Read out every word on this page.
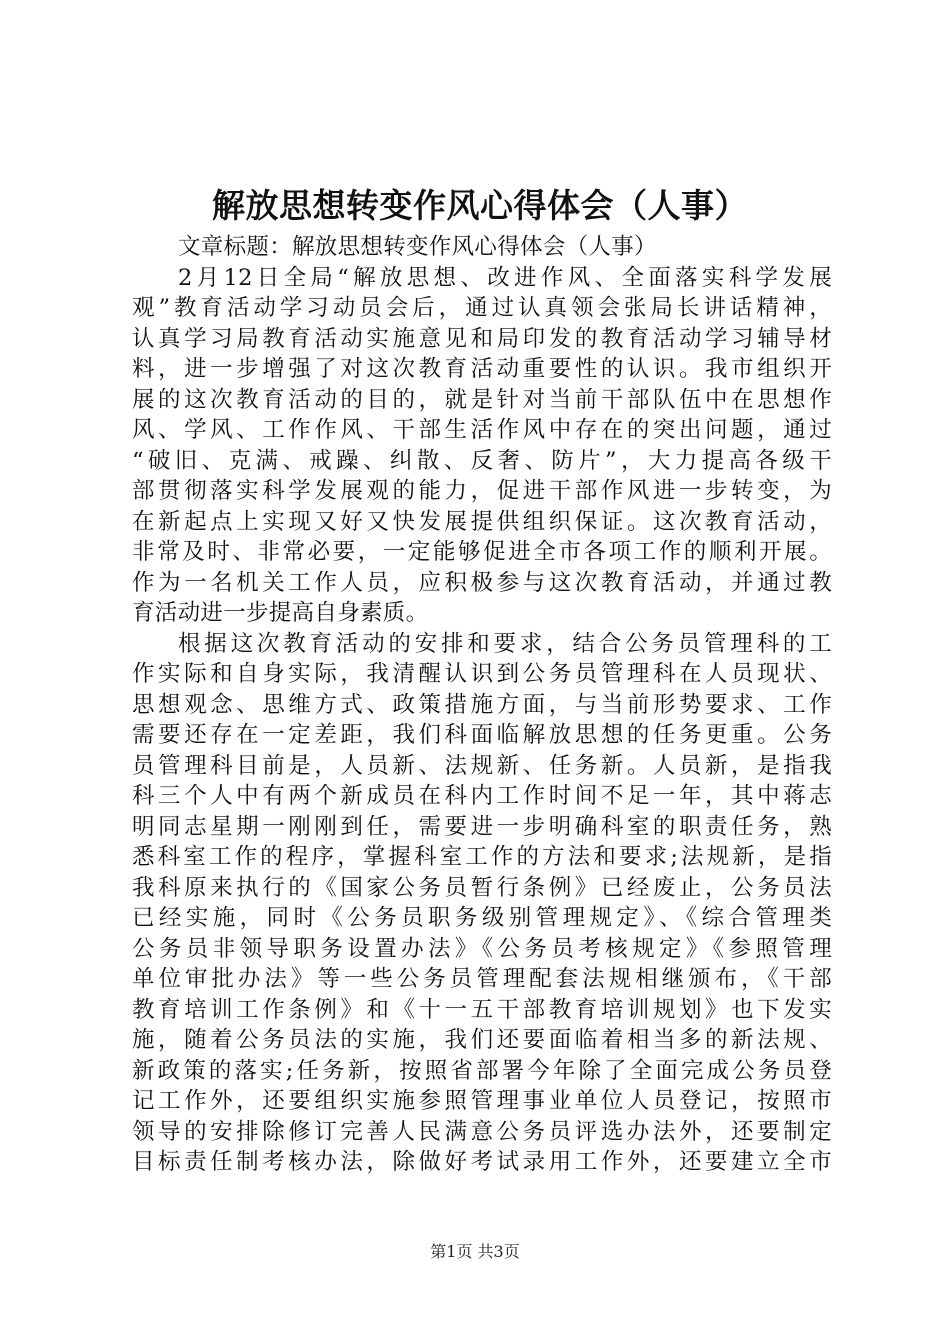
解放思想转变作风心得体会（人事）
文章标题：解放思想转变作风心得体会（人事）
2月12日全局“解放思想、改进作风、全面落实科学发展
观”教育活动学习动员会后，通过认真领会张局长讲话精神，
认真学习局教育活动实施意见和局印发的教育活动学习辅导材
料，进一步增强了对这次教育活动重要性的认识。我市组织开
展的这次教育活动的目的，就是针对当前干部队伍中在思想作
风、学风、工作作风、干部生活作风中存在的突出问题，通过
“破旧、克满、戒躁、纠散、反奢、防片”，大力提高各级干
部贯彻落实科学发展观的能力，促进干部作风进一步转变，为
在新起点上实现又好又快发展提供组织保证。这次教育活动，
非常及时、非常必要，一定能够促进全市各项工作的顺利开展。
作为一名机关工作人员，应积极参与这次教育活动，并通过教
育活动进一步提高自身素质。
根据这次教育活动的安排和要求，结合公务员管理科的工
作实际和自身实际，我清醒认识到公务员管理科在人员现状、
思想观念、思维方式、政策措施方面，与当前形势要求、工作
需要还存在一定差距，我们科面临解放思想的任务更重。公务
员管理科目前是，人员新、法规新、任务新。人员新，是指我
科三个人中有两个新成员在科内工作时间不足一年，其中蒋志
明同志星期一刚刚到任，需要进一步明确科室的职责任务，熟
悉科室工作的程序，掌握科室工作的方法和要求;法规新，是指
我科原来执行的《国家公务员暂行条例》已经废止，公务员法
已经实施，同时《公务员职务级别管理规定》、《综合管理类
公务员非领导职务设置办法》《公务员考核规定》《参照管理
单位审批办法》等一些公务员管理配套法规相继颁布，《干部
教育培训工作条例》和《十一五干部教育培训规划》也下发实
施，随着公务员法的实施，我们还要面临着相当多的新法规、
新政策的落实;任务新，按照省部署今年除了全面完成公务员登
记工作外，还要组织实施参照管理事业单位人员登记，按照市
领导的安排除修订完善人民满意公务员评选办法外，还要制定
目标责任制考核办法，除做好考试录用工作外，还要建立全市
第1页 共3页
